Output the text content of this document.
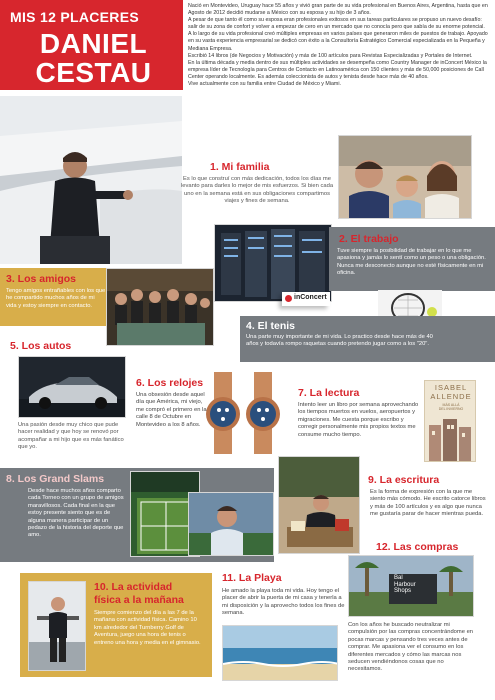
MIS 12 PLACERES
DANIEL
CESTAU

Nació en Montevideo, Uruguay hace 55 años y vivió gran parte de su vida profesional en Buenos Aires, Argentina, hasta que en Agosto de 2012 decidió mudarse a México con su esposa y su hijo de 3 años.

A pesar de que tanto él como su esposa eran profesionales exitosos en sus tareas particulares se propuso un nuevo desafío: salir de su zona de confort y volver a empezar de cero en un mercado que no conocía pero que sabía de su enorme potencial.

A lo largo de su vida profesional creó múltiples empresas en varios países que generaron miles de puestos de trabajo. Apoyado en su vasta experiencia empresarial se dedicó con éxito a la Consultoría Estratégico Comercial especializada en la Pequeña y Mediana Empresa.

Escribió 14 libros (de Negocios y Motivación) y más de 100 artículos para Revistas Especializadas y Portales de Internet.

En la última década y media dentro de sus múltiples actividades se desempeña como Country Manager de inConcert México la empresa líder de Tecnología para Centros de Contacto en Latinoamérica con 150 clientes y más de 50,000 posiciones de Call Center operando localmente. Es además coleccionista de autos y tenista desde hace más de 40 años.

Vive actualmente con su familia entre Ciudad de México y Miami.

1. Mi familia
Es lo que construí con más dedicación, todos los días me levanto para darles lo mejor de mis esfuerzos. Si bien cada uno en la semana está en sus obligaciones compartimos viajes y fines de semana.
inConcert
2. El trabajo
Tuve siempre la posibilidad de trabajar en lo que me apasiona y jamás lo sentí como un peso o una obligación. Nunca me desconecto aunque no esté físicamente en mi oficina.
3. Los amigos
Tengo amigos entrañables con los que he compartido muchos años de mi vida y estoy siempre en contacto.
4. El tenis
Una parte muy importante de mi vida. Lo practico desde hace más de 40 años y todavía rompo raquetas cuando pretendo jugar como a los "20".
5. Los autos
Una pasión desde muy chico que pude hacer realidad y que hoy se renovó por acompañar a mi hijo que es más fanático que yo.
6. Los relojes
Una obsesión desde aquel día que América, mi viejo, me compró el primero en la calle 8 de Octubre en Montevideo a los 8 años.
7. La lectura
Intento leer un libro por semana aprovechando los tiempos muertos en vuelos, aeropuertos y migraciones. Me cuesta porque escribo y corregir personalmente mis propios textos me consume mucho tiempo.
ISABEL
ALLENDE
MÁS ALLÁ
DEL INVIERNO
8. Los Grand Slams
Desde hace muchos años comparto cada Torneo con un grupo de amigos maravillosos. Cada final en la que estoy presente siento que es de alguna manera participar de un pedazo de la historia del deporte que amo.
9. La escritura
Es la forma de expresión con la que me siento más cómodo. He escrito catorce libros y más de 100 artículos y es algo que nunca me gustaría parar de hacer mientras pueda.
12. Las compras
Bal
Harbour
Shops
Con los años he buscado neutralizar mi compulsión por las compras concentrándome en pocas marcas y pensando tres veces antes de comprar. Me apasiona ver el consumo en los diferentes mercados y cómo las marcas nos seducen vendiéndonos cosas que no necesitamos.
10. La actividad
física a la mañana
Siempre comienzo del día a las 7 de la mañana con actividad física. Camino 10 km alrededor del Turnberry Golf de Aventura, juego una hora de tenis o entreno una hora y media en el gimnasio.
11. La Playa
He amado la playa toda mi vida. Hoy tengo el placer de abrir la puerta de mi casa y tenerla a mi disposición y la aprovecho todos los fines de semana.
